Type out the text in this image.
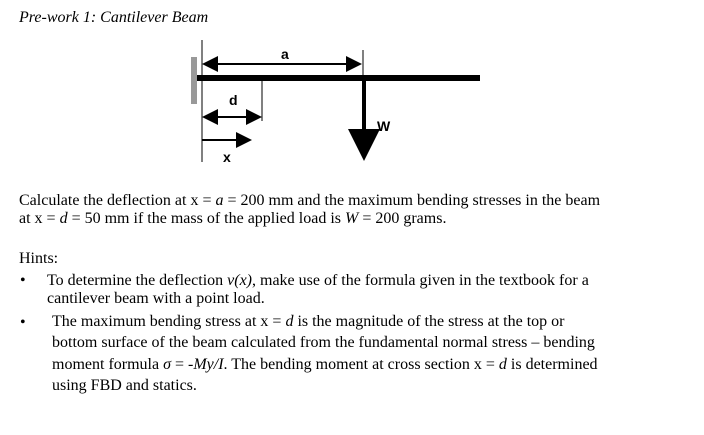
Pre-work 1: Cantilever Beam
a
d
x
W
Calculate the deflection at x = a = 200 mm and the maximum bending stresses in the beam
at x = d = 50 mm if the mass of the applied load is W = 200 grams.
Hints:
• To determine the deflection v(x), make use of the formula given in the textbook for a
cantilever beam with a point load.
• The maximum bending stress at x = d is the magnitude of the stress at the top or
bottom surface of the beam calculated from the fundamental normal stress – bending
moment formula σ = -My/I. The bending moment at cross section x = d is determined
using FBD and statics.
